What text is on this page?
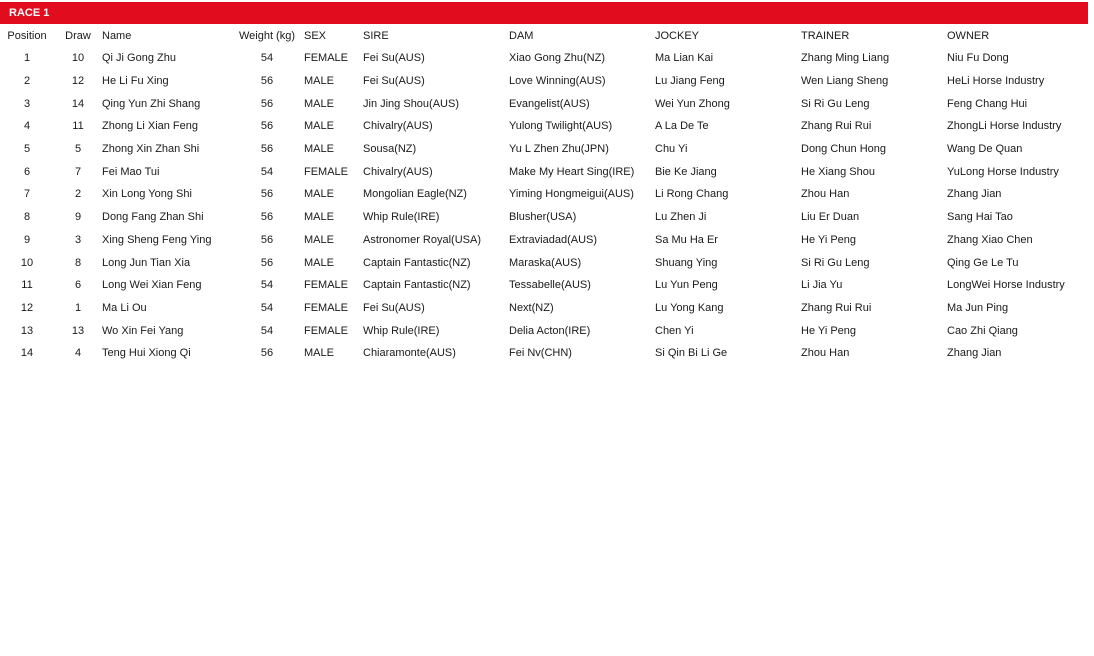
RACE 1
Position	Draw	Name	Weight (kg)	SEX	SIRE	DAM	JOCKEY	TRAINER	OWNER
1	10	Qi Ji Gong Zhu	54	FEMALE	Fei Su(AUS)	Xiao Gong Zhu(NZ)	Ma Lian Kai	Zhang Ming Liang	Niu Fu Dong
2	12	He Li Fu Xing	56	MALE	Fei Su(AUS)	Love Winning(AUS)	Lu Jiang Feng	Wen Liang Sheng	HeLi Horse Industry
3	14	Qing Yun Zhi Shang	56	MALE	Jin Jing Shou(AUS)	Evangelist(AUS)	Wei Yun Zhong	Si Ri Gu Leng	Feng Chang Hui
4	11	Zhong Li Xian Feng	56	MALE	Chivalry(AUS)	Yulong Twilight(AUS)	A La De Te	Zhang Rui Rui	ZhongLi Horse Industry
5	5	Zhong Xin Zhan Shi	56	MALE	Sousa(NZ)	Yu L Zhen Zhu(JPN)	Chu Yi	Dong Chun Hong	Wang De Quan
6	7	Fei Mao Tui	54	FEMALE	Chivalry(AUS)	Make My Heart Sing(IRE)	Bie Ke Jiang	He Xiang Shou	YuLong Horse Industry
7	2	Xin Long Yong Shi	56	MALE	Mongolian Eagle(NZ)	Yiming Hongmeigui(AUS)	Li Rong Chang	Zhou Han	Zhang Jian
8	9	Dong Fang Zhan Shi	56	MALE	Whip Rule(IRE)	Blusher(USA)	Lu Zhen Ji	Liu Er Duan	Sang Hai Tao
9	3	Xing Sheng Feng Ying	56	MALE	Astronomer Royal(USA)	Extraviadad(AUS)	Sa Mu Ha Er	He Yi Peng	Zhang Xiao Chen
10	8	Long Jun Tian Xia	56	MALE	Captain Fantastic(NZ)	Maraska(AUS)	Shuang Ying	Si Ri Gu Leng	Qing Ge Le Tu
11	6	Long Wei Xian Feng	54	FEMALE	Captain Fantastic(NZ)	Tessabelle(AUS)	Lu Yun Peng	Li Jia Yu	LongWei Horse Industry
12	1	Ma Li Ou	54	FEMALE	Fei Su(AUS)	Next(NZ)	Lu Yong Kang	Zhang Rui Rui	Ma Jun Ping
13	13	Wo Xin Fei Yang	54	FEMALE	Whip Rule(IRE)	Delia Acton(IRE)	Chen Yi	He Yi Peng	Cao Zhi Qiang
14	4	Teng Hui Xiong Qi	56	MALE	Chiaramonte(AUS)	Fei Nv(CHN)	Si Qin Bi Li Ge	Zhou Han	Zhang Jian
